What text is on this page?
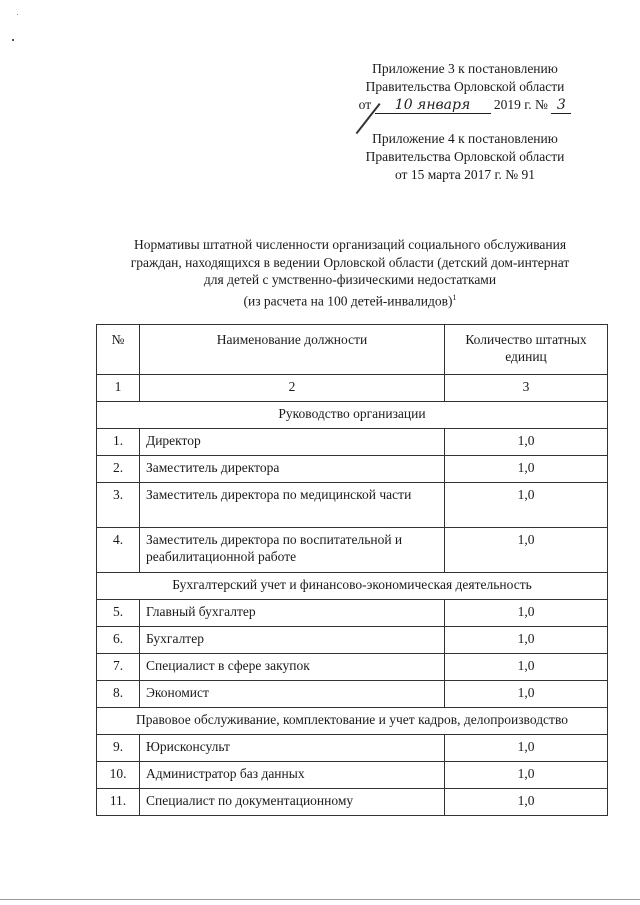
Приложение 3 к постановлению
Правительства Орловской области
от 10 января 2019 г. № 3
Приложение 4 к постановлению
Правительства Орловской области
от 15 марта 2017 г. № 91
Нормативы штатной численности организаций социального обслуживания
граждан, находящихся в ведении Орловской области (детский дом-интернат
для детей с умственно-физическими недостатками
(из расчета на 100 детей-инвалидов)$^1$
№	Наименование должности	Количество штатных единиц
1	2	3
Руководство организации		
1.	Директор	1,0
2.	Заместитель директора	1,0
3.	Заместитель директора по медицинской части	1,0
4.	Заместитель директора по воспитательной и реабилитационной работе	1,0
Бухгалтерский учет и финансово-экономическая деятельность		
5.	Главный бухгалтер	1,0
6.	Бухгалтер	1,0
7.	Специалист в сфере закупок	1,0
8.	Экономист	1,0
Правовое обслуживание, комплектование и учет кадров, делопроизводство		
9.	Юрисконсульт	1,0
10.	Администратор баз данных	1,0
11.	Специалист по документационному	1,0
